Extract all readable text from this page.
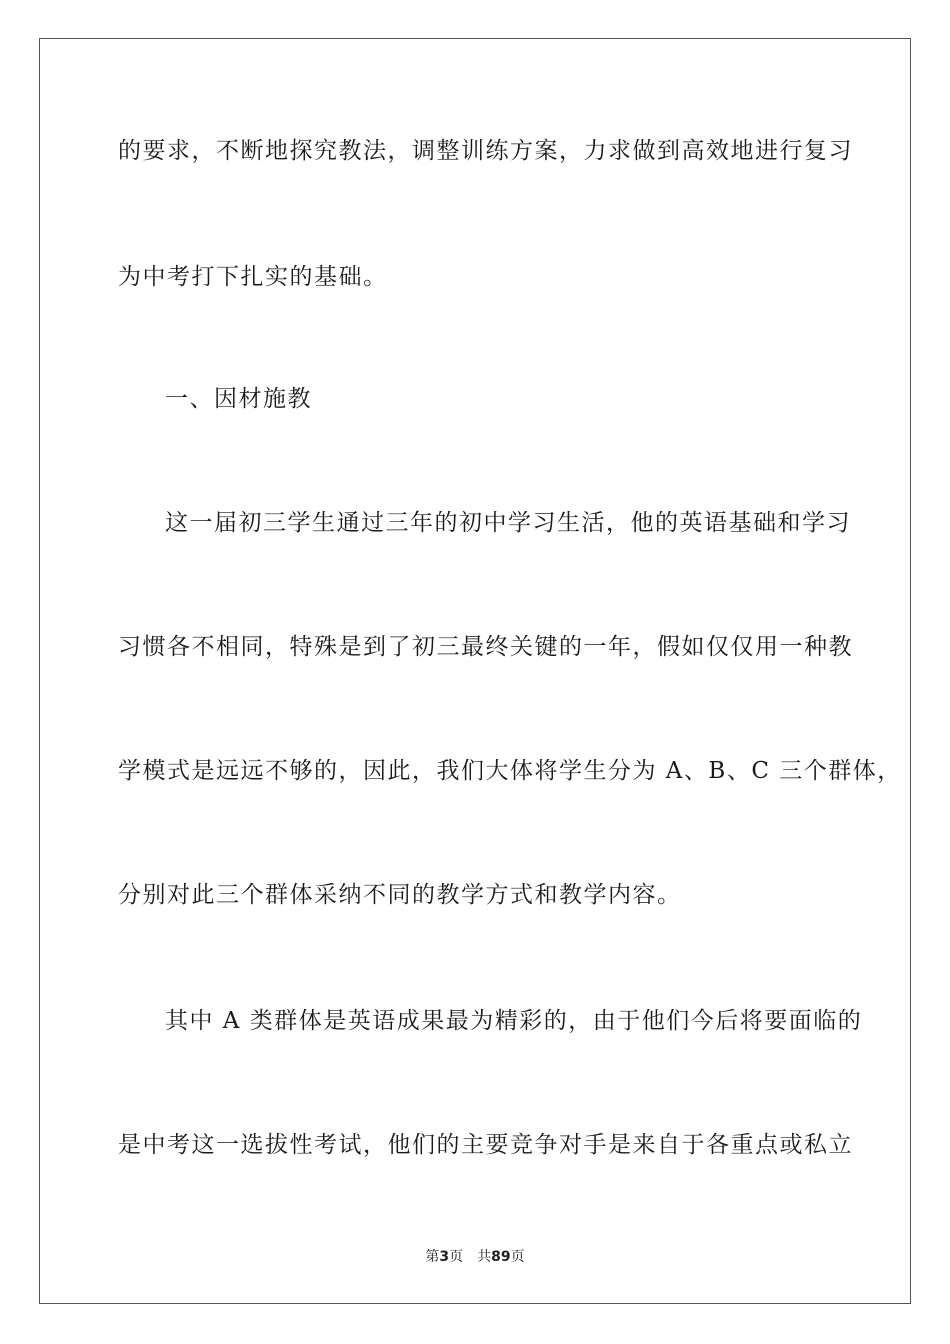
的要求，不断地探究教法，调整训练方案，力求做到高效地进行复习
为中考打下扎实的基础。
一、因材施教
这一届初三学生通过三年的初中学习生活，他的英语基础和学习
习惯各不相同，特殊是到了初三最终关键的一年，假如仅仅用一种教
学模式是远远不够的，因此，我们大体将学生分为 A、B、C 三个群体，
分别对此三个群体采纳不同的教学方式和教学内容。
其中 A 类群体是英语成果最为精彩的，由于他们今后将要面临的
是中考这一选拔性考试，他们的主要竞争对手是来自于各重点或私立
第3页 共89页
